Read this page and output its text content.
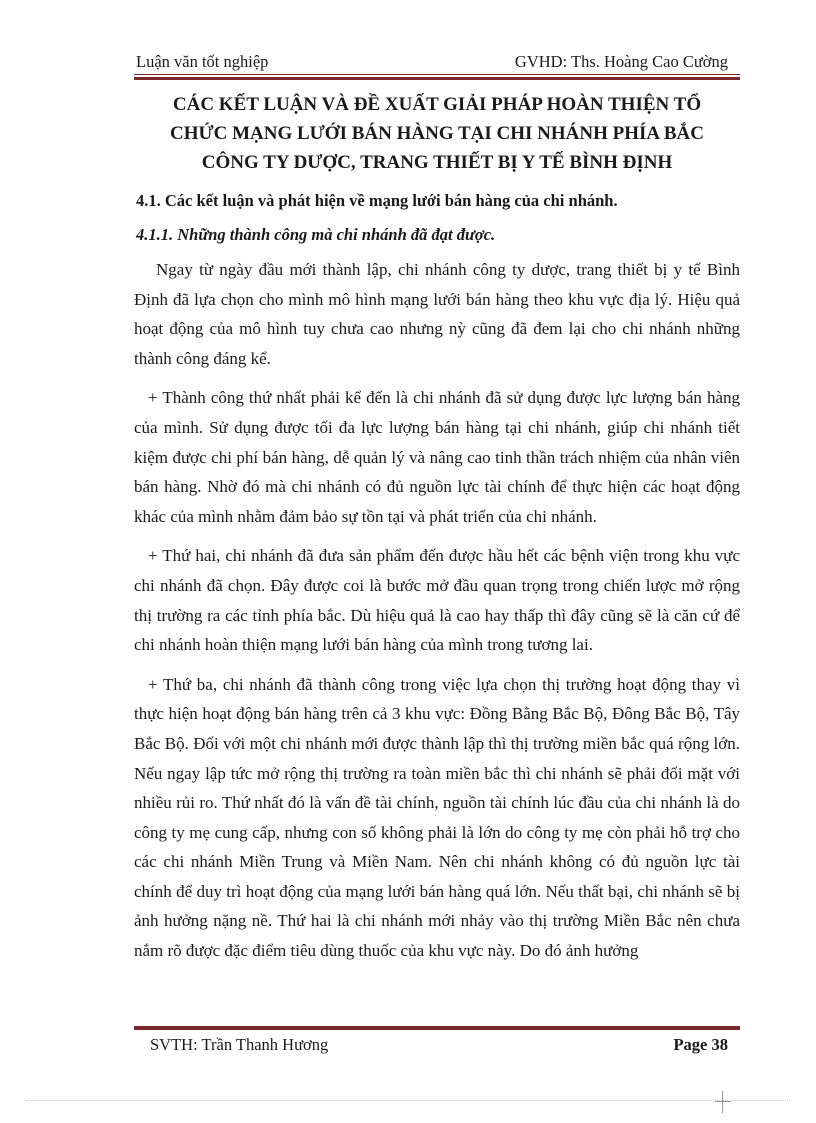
Luận văn tốt nghiệp	GVHD: Ths. Hoàng Cao Cường
CÁC KẾT LUẬN VÀ ĐỀ XUẤT GIẢI PHÁP HOÀN THIỆN TỔ
CHỨC MẠNG LƯỚI BÁN HÀNG TẠI CHI NHÁNH PHÍA BẮC
CÔNG TY DƯỢC, TRANG THIẾT BỊ Y TẾ BÌNH ĐỊNH
4.1. Các kết luận và phát hiện về mạng lưới bán hàng của chi nhánh.
4.1.1. Những thành công mà chi nhánh đã đạt được.

Ngay từ ngày đầu mới thành lập, chi nhánh công ty dược, trang thiết bị y tế Bình Định đã lựa chọn cho mình mô hình mạng lưới bán hàng theo khu vực địa lý. Hiệu quả hoạt động của mô hình tuy chưa cao nhưng nỳ cũng đã đem lại cho chi nhánh những thành công đáng kể.

+ Thành công thứ nhất phải kể đến là chi nhánh đã sử dụng được lực lượng bán hàng của mình. Sử dụng được tối đa lực lượng bán hàng tại chi nhánh, giúp chi nhánh tiết kiệm được chi phí bán hàng, dễ quản lý và nâng cao tinh thần trách nhiệm của nhân viên bán hàng. Nhờ đó mà chi nhánh có đủ nguồn lực tài chính để thực hiện các hoạt động khác của mình nhằm đảm bảo sự tồn tại và phát triển của chi nhánh.

+ Thứ hai, chi nhánh đã đưa sản phẩm đến được hầu hết các bệnh viện trong khu vực chi nhánh đã chọn. Đây được coi là bước mở đầu quan trọng trong chiến lược mở rộng thị trường ra các tỉnh phía bắc. Dù hiệu quả là cao hay thấp thì đây cũng sẽ là căn cứ để chi nhánh hoàn thiện mạng lưới bán hàng của mình trong tương lai.

+ Thứ ba, chi nhánh đã thành công trong việc lựa chọn thị trường hoạt động thay vì thực hiện hoạt động bán hàng trên cả 3 khu vực: Đồng Bằng Bắc Bộ, Đông Bắc Bộ, Tây Bắc Bộ. Đối với một chi nhánh mới được thành lập thì thị trường miền bắc quá rộng lớn. Nếu ngay lập tức mở rộng thị trường ra toàn miền bắc thì chi nhánh sẽ phải đối mặt với nhiều rủi ro. Thứ nhất đó là vấn đề tài chính, nguồn tài chính lúc đầu của chi nhánh là do công ty mẹ cung cấp, nhưng con số không phải là lớn do công ty mẹ còn phải hỗ trợ cho các chi nhánh Miền Trung và Miền Nam. Nên chi nhánh không có đủ nguồn lực tài chính để duy trì hoạt động của mạng lưới bán hàng quá lớn. Nếu thất bại, chi nhánh sẽ bị ảnh hưởng nặng nề. Thứ hai là chi nhánh mới nhảy vào thị trường Miền Bắc nên chưa nắm rõ được đặc điểm tiêu dùng thuốc của khu vực này. Do đó ảnh hưởng

SVTH: Trần Thanh Hương	Page 38
